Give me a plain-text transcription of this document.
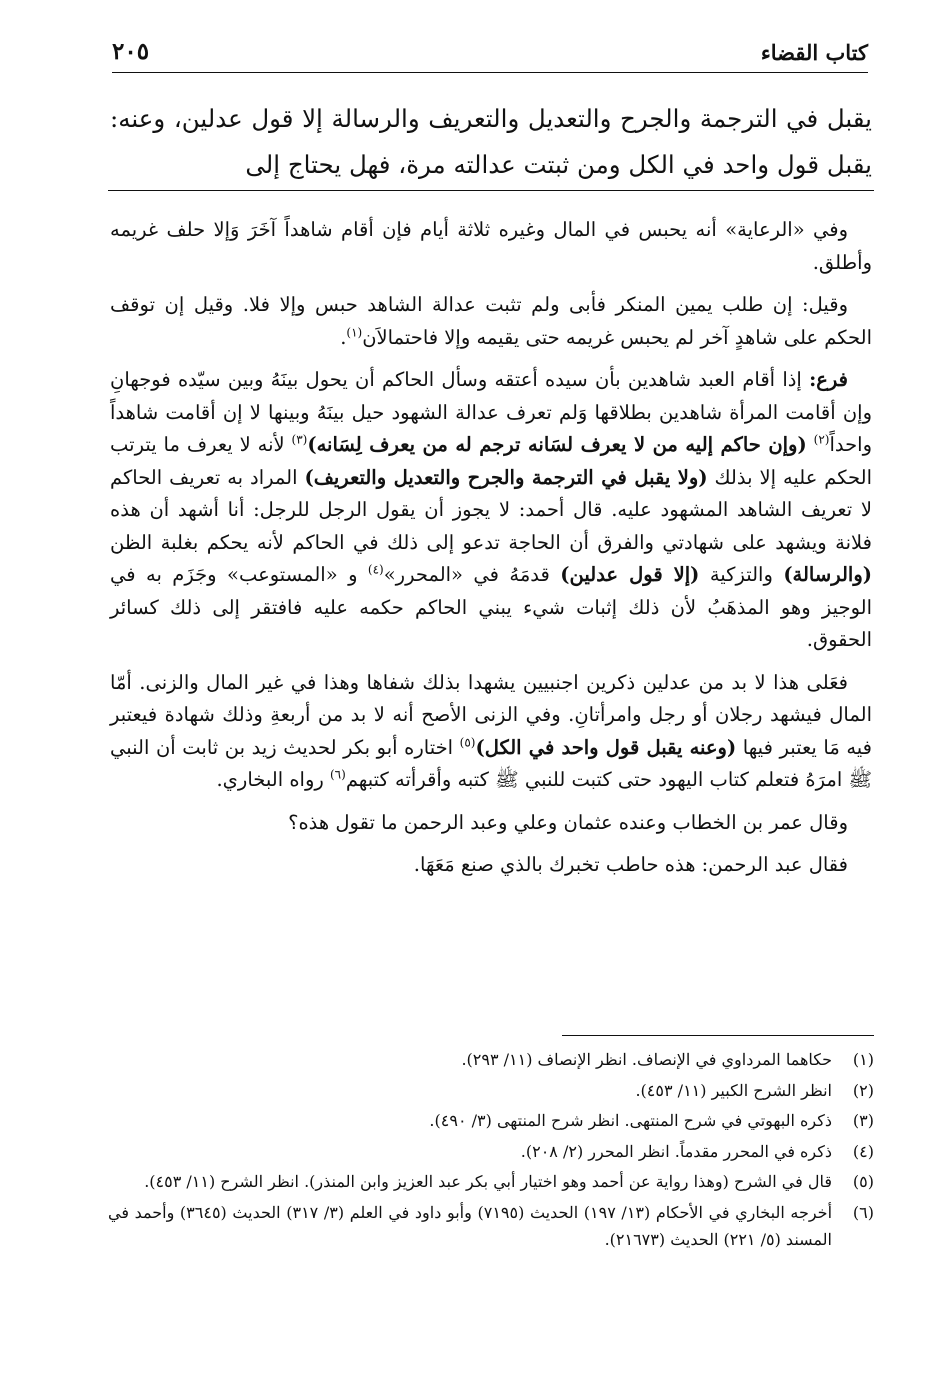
كتاب القضاء
٢٠٥
يقبل في الترجمة والجرح والتعديل والتعريف والرسالة إلا قول عدلين، وعنه: يقبل قول واحد في الكل ومن ثبتت عدالته مرة، فهل يحتاج إلى

وفي «الرعاية» أنه يحبس في المال وغيره ثلاثة أيام فإن أقام شاهداً آخَرَ وَإلا حلف غريمه وأطلق.

وقيل: إن طلب يمين المنكر فأبى ولم تثبت عدالة الشاهد حبس وإلا فلا. وقيل إن توقف الحكم على شاهدٍ آخر لم يحبس غريمه حتى يقيمه وإلا فاحتمالاَن$^{(١)}$.

فرع: إذا أقام العبد شاهدين بأن سيده أعتقه وسأل الحاكم أن يحول بينَهُ وبين سيّده فوجهانِ وإن أقامت المرأة شاهدين بطلاقها وَلم تعرف عدالة الشهود حيل بينَهُ وبينها لا إن أقامت شاهداً واحداً$^{(٢)}$ (وإن حاكم إليه من لا يعرف لسَانه ترجم له من يعرف لِسَانه)$^{(٣)}$ لأنه لا يعرف ما يترتب الحكم عليه إلا بذلك (ولا يقبل في الترجمة والجرح والتعديل والتعريف) المراد به تعريف الحاكم لا تعريف الشاهد المشهود عليه. قال أحمد: لا يجوز أن يقول الرجل للرجل: أنا أشهد أن هذه فلانة ويشهد على شهادتي والفرق أن الحاجة تدعو إلى ذلك في الحاكم لأنه يحكم بغلبة الظن (والرسالة) والتزكية (إلا قول عدلين) قدمَهُ في «المحرر»$^{(٤)}$ و «المستوعب» وجَزَم به في الوجيز وهو المذهَبُ لأن ذلك إثبات شيء يبني الحاكم حكمه عليه فافتقر إلى ذلك كسائر الحقوق.

فعَلى هذا لا بد من عدلين ذكرين اجنبيين يشهدا بذلك شفاها وهذا في غير المال والزنى. أمّا المال فيشهد رجلان أو رجل وامرأتانِ. وفي الزنى الأصح أنه لا بد من أربعةِ وذلك شهادة فيعتبر فيه مَا يعتبر فيها (وعنه يقبل قول واحد في الكل)$^{(٥)}$ اختاره أبو بكر لحديث زيد بن ثابت أن النبي ﷺ امرَهُ فتعلم كتاب اليهود حتى كتبت للنبي ﷺ كتبه وأقرأته كتبهم$^{(٦)}$ رواه البخاري.

وقال عمر بن الخطاب وعنده عثمان وعلي وعبد الرحمن ما تقول هذه؟

فقال عبد الرحمن: هذه حاطب تخبرك بالذي صنع مَعَهَا.

(١)
حكاهما المرداوي في الإنصاف. انظر الإنصاف (١١/ ٢٩٣).
(٢)
انظر الشرح الكبير (١١/ ٤٥٣).
(٣)
ذكره البهوتي في شرح المنتهى. انظر شرح المنتهى (٣/ ٤٩٠).
(٤)
ذكره في المحرر مقدماً. انظر المحرر (٢/ ٢٠٨).
(٥)
قال في الشرح (وهذا رواية عن أحمد وهو اختيار أبي بكر عبد العزيز وابن المنذر). انظر الشرح (١١/ ٤٥٣).
(٦)
أخرجه البخاري في الأحكام (١٣/ ١٩٧) الحديث (٧١٩٥) وأبو داود في العلم (٣/ ٣١٧) الحديث (٣٦٤٥) وأحمد في المسند (٥/ ٢٢١) الحديث (٢١٦٧٣).
